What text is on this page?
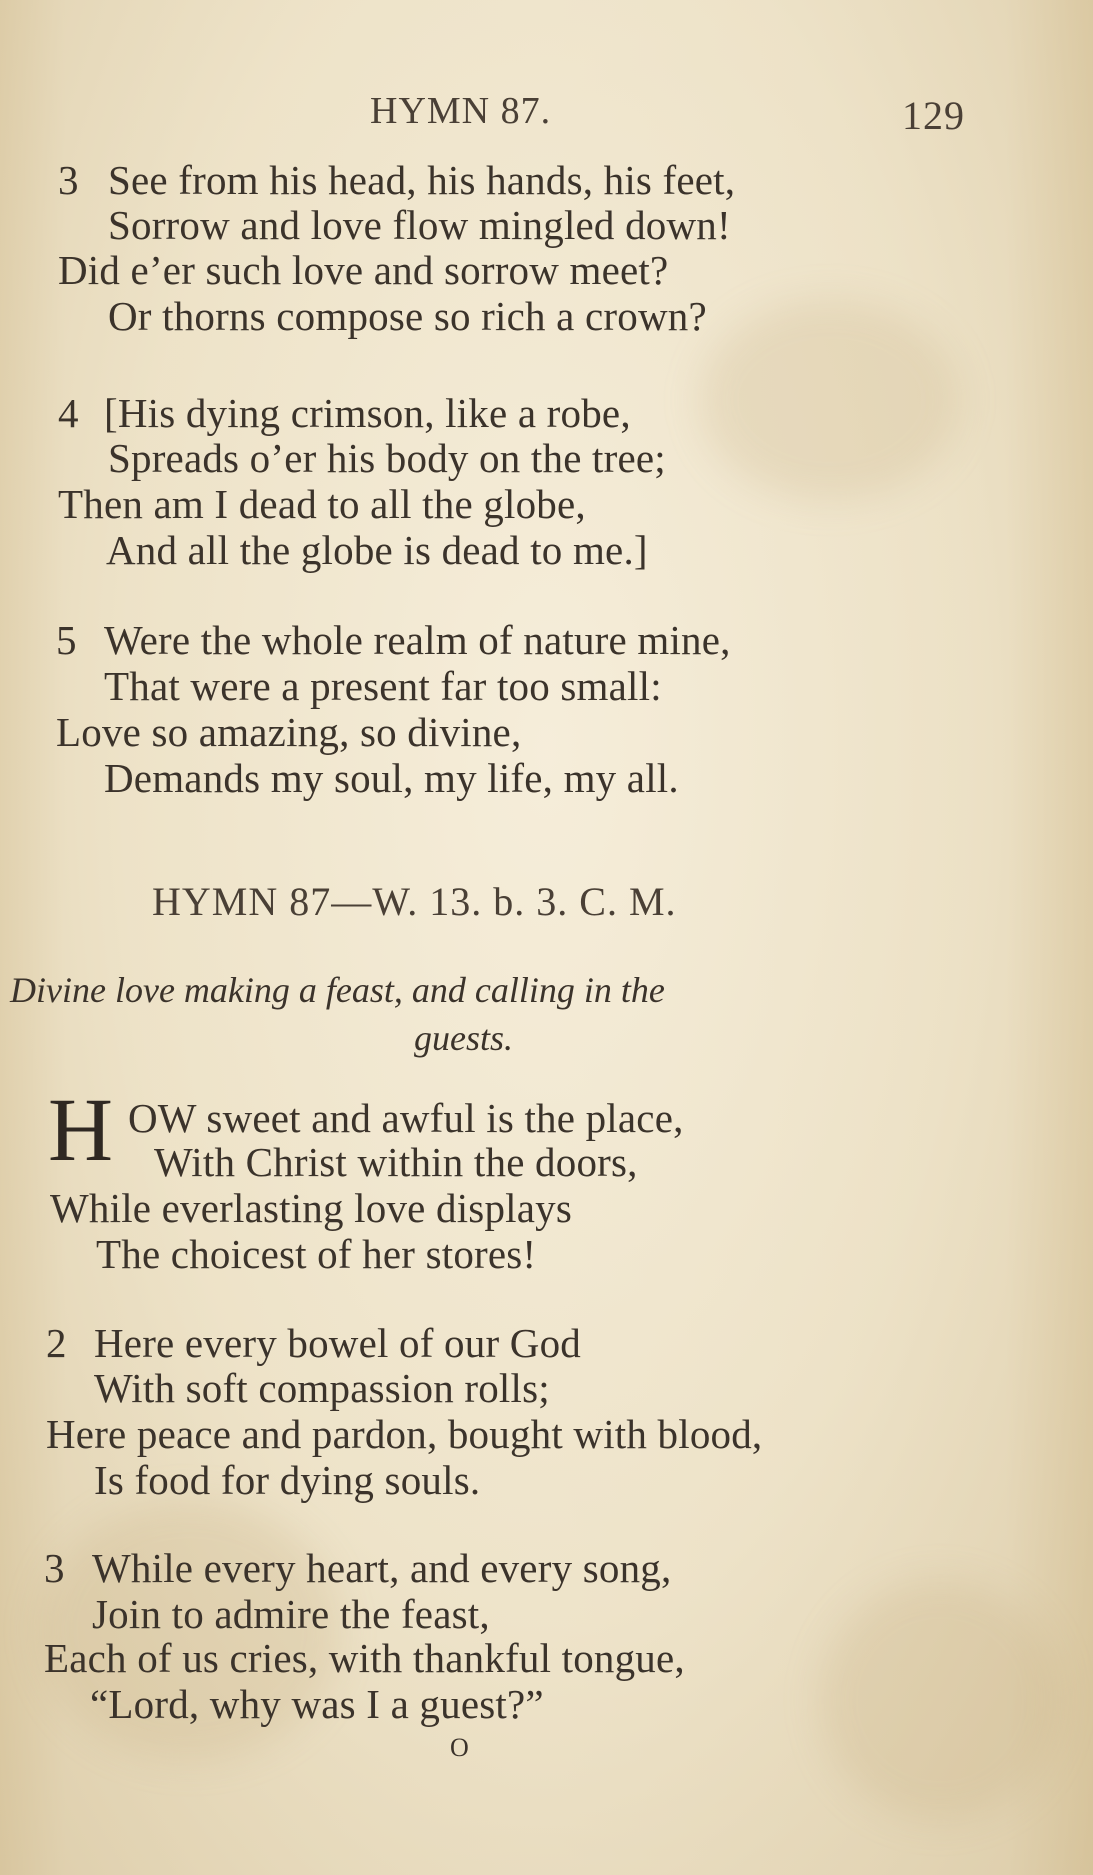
HYMN 87.	129
3 See from his head, his hands, his feet,
Sorrow and love flow mingled down!
Did e’er such love and sorrow meet?
Or thorns compose so rich a crown?
4 [His dying crimson, like a robe,
Spreads o’er his body on the tree;
Then am I dead to all the globe,
And all the globe is dead to me.]
5 Were the whole realm of nature mine,
That were a present far too small:
Love so amazing, so divine,
Demands my soul, my life, my all.
HYMN 87—W. 13. b. 3. C. M.
Divine love making a feast, and calling in the
guests.
H OW sweet and awful is the place,
With Christ within the doors,
While everlasting love displays
The choicest of her stores!
2 Here every bowel of our God
With soft compassion rolls;
Here peace and pardon, bought with blood,
Is food for dying souls.
3 While every heart, and every song,
Join to admire the feast,
Each of us cries, with thankful tongue,
“Lord, why was I a guest?”
O
